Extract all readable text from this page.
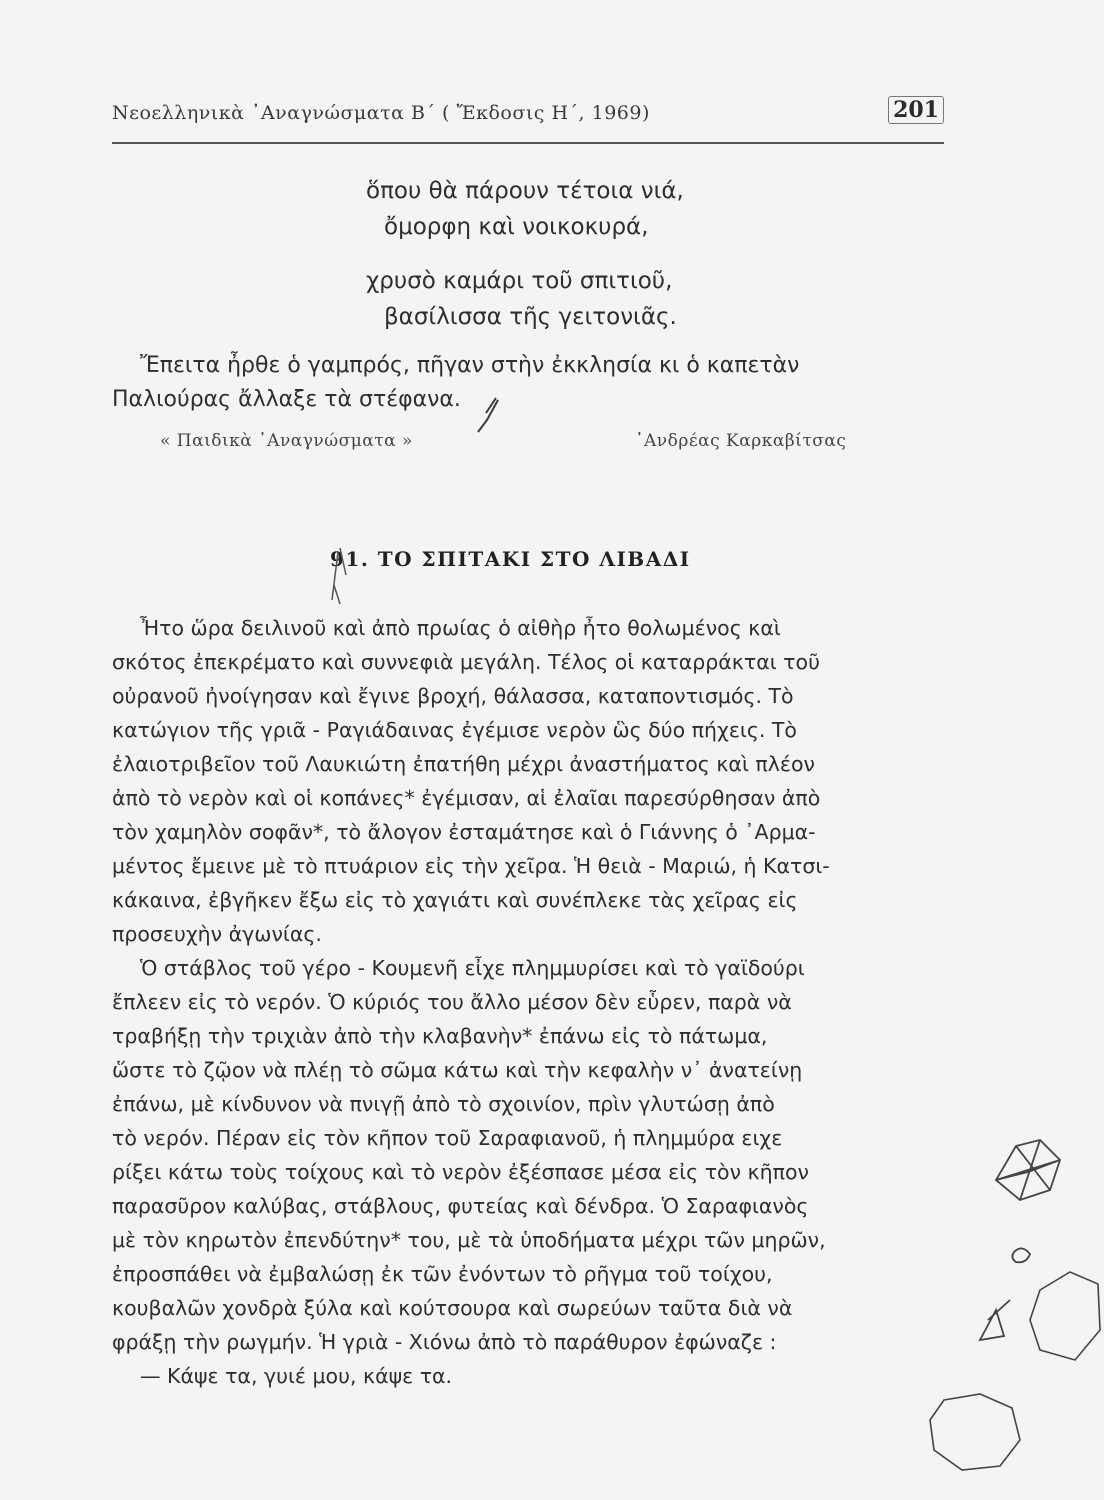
Νεοελληνικὰ ᾿Αναγνώσματα Β΄ ( Ἔκδοσις Η΄, 1969)	201
ὅπου θὰ πάρουν τέτοια νιά,
ὄμορφη καὶ νοικοκυρά,
χρυσὸ καμάρι τοῦ σπιτιοῦ,
βασίλισσα τῆς γειτονιᾶς.
Ἔπειτα ἦρθε ὁ γαμπρός, πῆγαν στὴν ἐκκλησία κι ὁ καπετὰν
Παλιούρας ἄλλαξε τὰ στέφανα.
« Παιδικὰ ᾿Αναγνώσματα »	᾿Ανδρέας Καρκαβίτσας
91. ΤΟ ΣΠΙΤΑΚΙ ΣΤΟ ΛΙΒΑΔΙ
Ἦτο ὥρα δειλινοῦ καὶ ἀπὸ πρωίας ὁ αἰθὴρ ἦτο θολωμένος καὶ
σκότος ἐπεκρέματο καὶ συννεφιὰ μεγάλη. Τέλος οἱ καταρράκται τοῦ
οὐρανοῦ ἠνοίγησαν καὶ ἔγινε βροχή, θάλασσα, καταποντισμός. Τὸ
κατώγιον τῆς γριᾶ - Ραγιάδαινας ἐγέμισε νερὸν ὣς δύο πήχεις. Τὸ
ἐλαιοτριβεῖον τοῦ Λαυκιώτη ἐπατήθη μέχρι ἀναστήματος καὶ πλέον
ἀπὸ τὸ νερὸν καὶ οἱ κοπάνες* ἐγέμισαν, αἱ ἐλαῖαι παρεσύρθησαν ἀπὸ
τὸν χαμηλὸν σοφᾶν*, τὸ ἄλογον ἐσταμάτησε καὶ ὁ Γιάννης ὁ ᾿Αρμα-
μέντος ἔμεινε μὲ τὸ πτυάριον εἰς τὴν χεῖρα. Ἡ θειὰ - Μαριώ, ἡ Κατσι-
κάκαινα, ἐβγῆκεν ἔξω εἰς τὸ χαγιάτι καὶ συνέπλεκε τὰς χεῖρας εἰς
προσευχὴν ἀγωνίας.
Ὁ στάβλος τοῦ γέρο - Κουμενῆ εἶχε πλημμυρίσει καὶ τὸ γαϊδούρι
ἔπλεεν εἰς τὸ νερόν. Ὁ κύριός του ἄλλο μέσον δὲν εὗρεν, παρὰ νὰ
τραβήξῃ τὴν τριχιὰν ἀπὸ τὴν κλαβανὴν* ἐπάνω εἰς τὸ πάτωμα,
ὥστε τὸ ζῷον νὰ πλέῃ τὸ σῶμα κάτω καὶ τὴν κεφαλὴν ν᾿ ἀνατείνῃ
ἐπάνω, μὲ κίνδυνον νὰ πνιγῇ ἀπὸ τὸ σχοινίον, πρὶν γλυτώσῃ ἀπὸ
τὸ νερόν. Πέραν εἰς τὸν κῆπον τοῦ Σαραφιανοῦ, ἡ πλημμύρα ειχε
ρίξει κάτω τοὺς τοίχους καὶ τὸ νερὸν ἐξέσπασε μέσα εἰς τὸν κῆπον
παρασῦρον καλύβας, στάβλους, φυτείας καὶ δένδρα. Ὁ Σαραφιανὸς
μὲ τὸν κηρωτὸν ἐπενδύτην* του, μὲ τὰ ὑποδήματα μέχρι τῶν μηρῶν,
ἐπροσπάθει νὰ ἐμβαλώσῃ ἐκ τῶν ἐνόντων τὸ ρῆγμα τοῦ τοίχου,
κουβαλῶν χονδρὰ ξύλα καὶ κούτσουρα καὶ σωρεύων ταῦτα διὰ νὰ
φράξῃ τὴν ρωγμήν. Ἡ γριὰ - Χιόνω ἀπὸ τὸ παράθυρον ἐφώναζε :
— Κάψε τα, γυιέ μου, κάψε τα.
